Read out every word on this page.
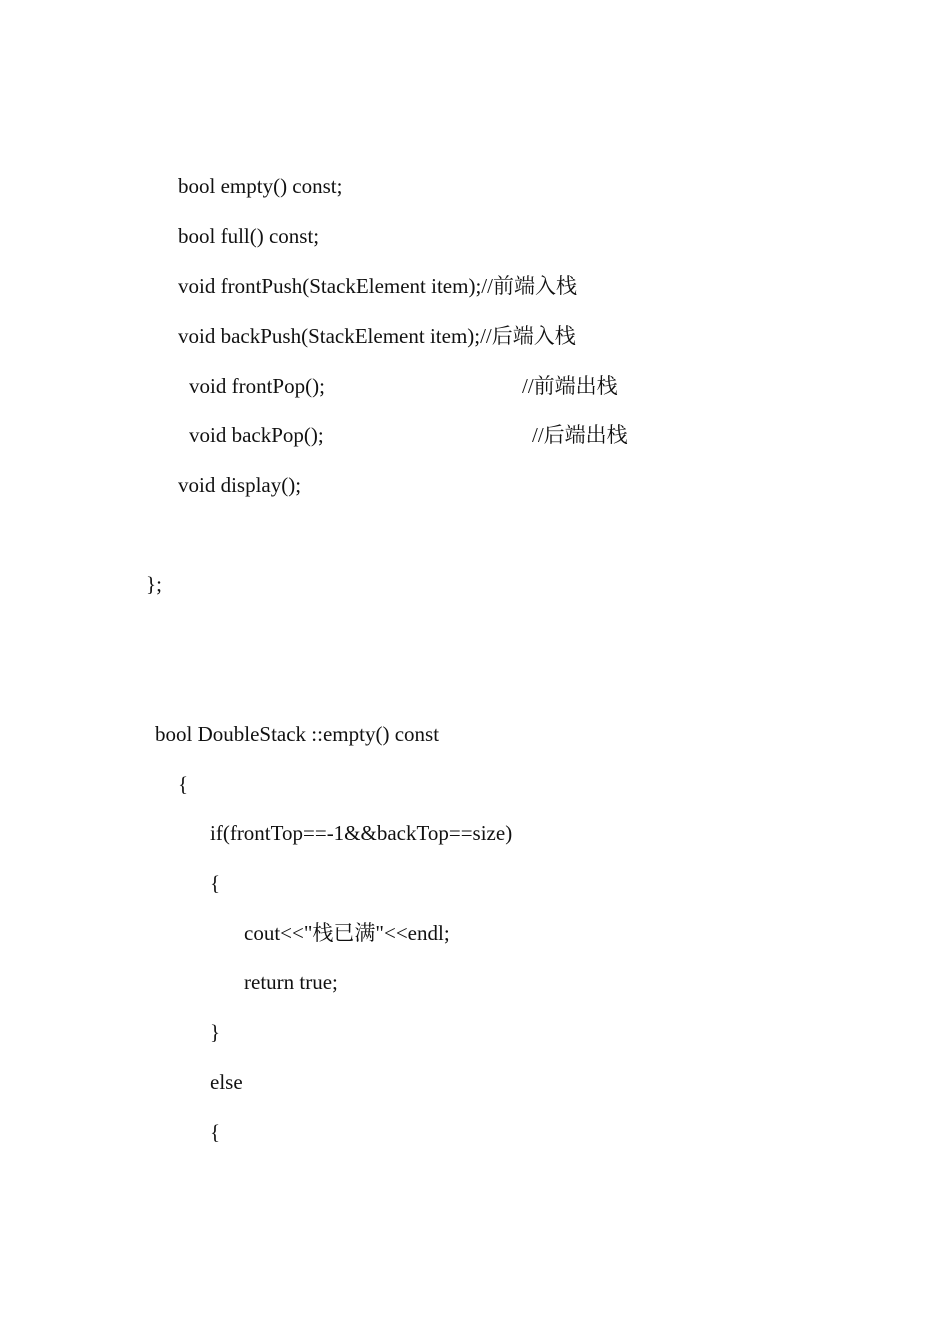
bool empty() const;

bool full() const;

void frontPush(StackElement item);//前端入栈

void backPush(StackElement item);//后端入栈

void frontPop();	//前端出栈

void backPop();	//后端出栈

void display();

};

bool DoubleStack ::empty() const

{

if(frontTop==-1&&backTop==size)

{

cout<<"栈已满"<<endl;

return true;

}

else

{
